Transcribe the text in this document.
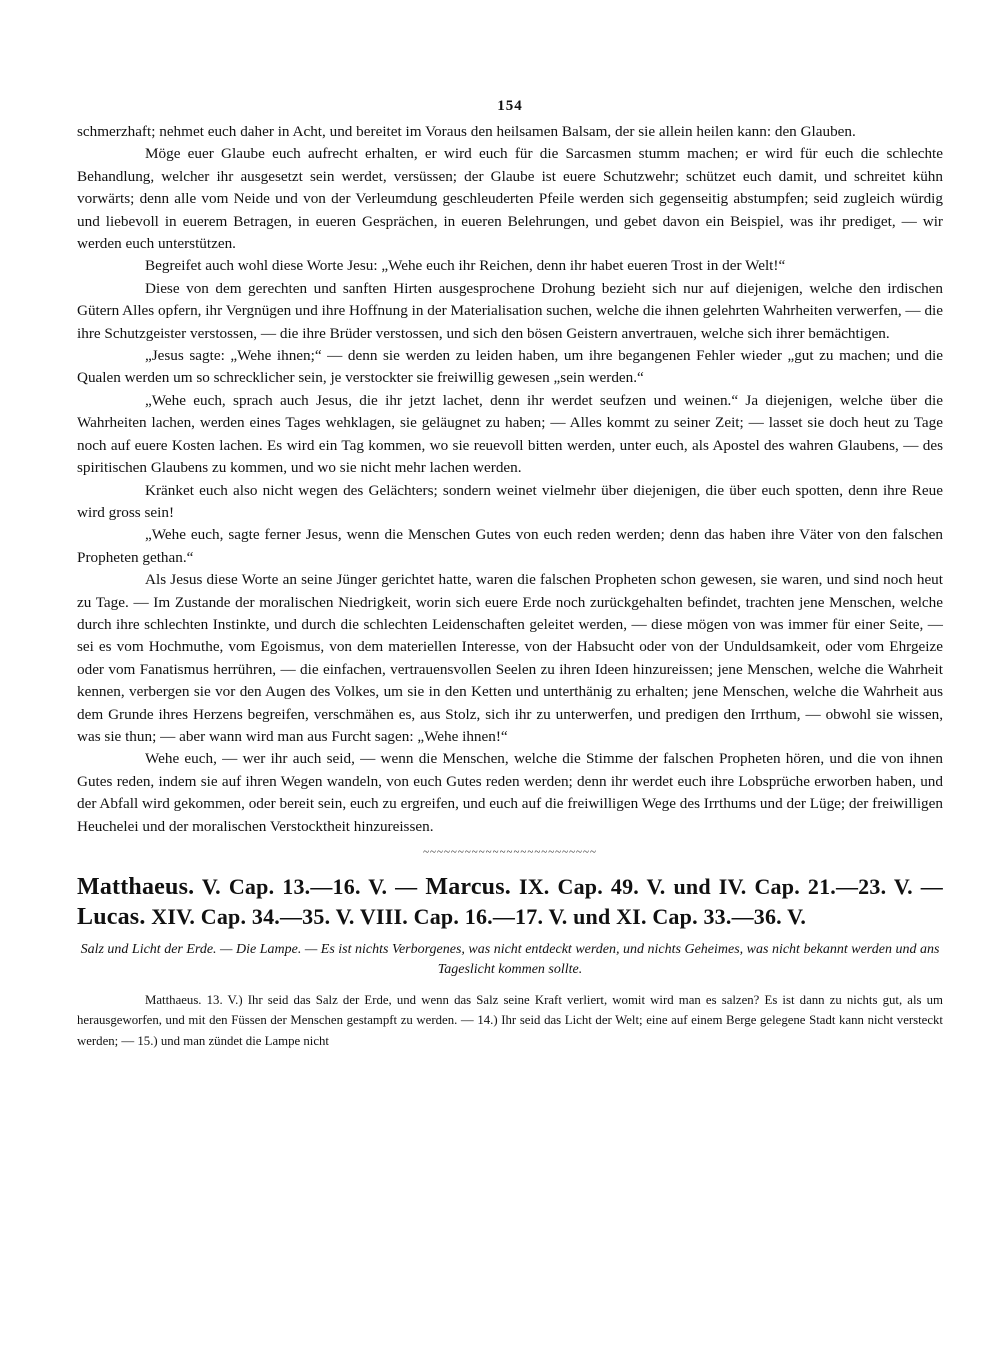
154

schmerzhaft; nehmet euch daher in Acht, und bereitet im Voraus den heilsamen Balsam, der sie allein heilen kann: den Glauben.

Möge euer Glaube euch aufrecht erhalten, er wird euch für die Sarcasmen stumm machen; er wird für euch die schlechte Behandlung, welcher ihr ausgesetzt sein werdet, versüssen; der Glaube ist euere Schutzwehr; schützet euch damit, und schreitet kühn vorwärts; denn alle vom Neide und von der Verleumdung geschleuderten Pfeile werden sich gegenseitig abstumpfen; seid zugleich würdig und liebevoll in euerem Betragen, in eueren Gesprächen, in eueren Belehrungen, und gebet davon ein Beispiel, was ihr prediget, — wir werden euch unterstützen.

Begreifet auch wohl diese Worte Jesu: „Wehe euch ihr Reichen, denn ihr habet eueren Trost in der Welt!“

Diese von dem gerechten und sanften Hirten ausgesprochene Drohung bezieht sich nur auf diejenigen, welche den irdischen Gütern Alles opfern, ihr Vergnügen und ihre Hoffnung in der Materialisation suchen, welche die ihnen gelehrten Wahrheiten verwerfen, — die ihre Schutzgeister verstossen, — die ihre Brüder verstossen, und sich den bösen Geistern anvertrauen, welche sich ihrer bemächtigen.

„Jesus sagte: „Wehe ihnen;“ — denn sie werden zu leiden haben, um ihre begangenen Fehler wieder „gut zu machen; und die Qualen werden um so schrecklicher sein, je verstockter sie freiwillig gewesen „sein werden.“

„Wehe euch, sprach auch Jesus, die ihr jetzt lachet, denn ihr werdet seufzen und weinen.“ Ja diejenigen, welche über die Wahrheiten lachen, werden eines Tages wehklagen, sie geläugnet zu haben; — Alles kommt zu seiner Zeit; — lasset sie doch heut zu Tage noch auf euere Kosten lachen. Es wird ein Tag kommen, wo sie reuevoll bitten werden, unter euch, als Apostel des wahren Glaubens, — des spiritischen Glaubens zu kommen, und wo sie nicht mehr lachen werden.

Kränket euch also nicht wegen des Gelächters; sondern weinet vielmehr über diejenigen, die über euch spotten, denn ihre Reue wird gross sein!

„Wehe euch, sagte ferner Jesus, wenn die Menschen Gutes von euch reden werden; denn das haben ihre Väter von den falschen Propheten gethan.“

Als Jesus diese Worte an seine Jünger gerichtet hatte, waren die falschen Propheten schon gewesen, sie waren, und sind noch heut zu Tage. — Im Zustande der moralischen Niedrigkeit, worin sich euere Erde noch zurückgehalten befindet, trachten jene Menschen, welche durch ihre schlechten Instinkte, und durch die schlechten Leidenschaften geleitet werden, — diese mögen von was immer für einer Seite, — sei es vom Hochmuthe, vom Egoismus, von dem materiellen Interesse, von der Habsucht oder von der Unduldsamkeit, oder vom Ehrgeize oder vom Fanatismus herrühren, — die einfachen, vertrauensvollen Seelen zu ihren Ideen hinzureissen; jene Menschen, welche die Wahrheit kennen, verbergen sie vor den Augen des Volkes, um sie in den Ketten und unterthänig zu erhalten; jene Menschen, welche die Wahrheit aus dem Grunde ihres Herzens begreifen, verschmähen es, aus Stolz, sich ihr zu unterwerfen, und predigen den Irrthum, — obwohl sie wissen, was sie thun; — aber wann wird man aus Furcht sagen: „Wehe ihnen!“

Wehe euch, — wer ihr auch seid, — wenn die Menschen, welche die Stimme der falschen Propheten hören, und die von ihnen Gutes reden, indem sie auf ihren Wegen wandeln, von euch Gutes reden werden; denn ihr werdet euch ihre Lobsprüche erworben haben, und der Abfall wird gekommen, oder bereit sein, euch zu ergreifen, und euch auf die freiwilligen Wege des Irrthums und der Lüge; der freiwilligen Heuchelei und der moralischen Verstocktheit hinzureissen.

~~~~~~~~~~~~~~~~~~~~~~~~~
Matthaeus. V. Cap. 13.—16. V. — Marcus. IX. Cap. 49. V. und IV. Cap. 21.—23. V. — Lucas. XIV. Cap. 34.—35. V. VIII. Cap. 16.—17. V. und XI. Cap. 33.—36. V.

Salz und Licht der Erde. — Die Lampe. — Es ist nichts Verborgenes, was nicht entdeckt werden, und nichts Geheimes, was nicht bekannt werden und ans Tageslicht kommen sollte.

Matthaeus. 13. V.) Ihr seid das Salz der Erde, und wenn das Salz seine Kraft verliert, womit wird man es salzen? Es ist dann zu nichts gut, als um herausgeworfen, und mit den Füssen der Menschen gestampft zu werden. — 14.) Ihr seid das Licht der Welt; eine auf einem Berge gelegene Stadt kann nicht versteckt werden; — 15.) und man zündet die Lampe nicht
